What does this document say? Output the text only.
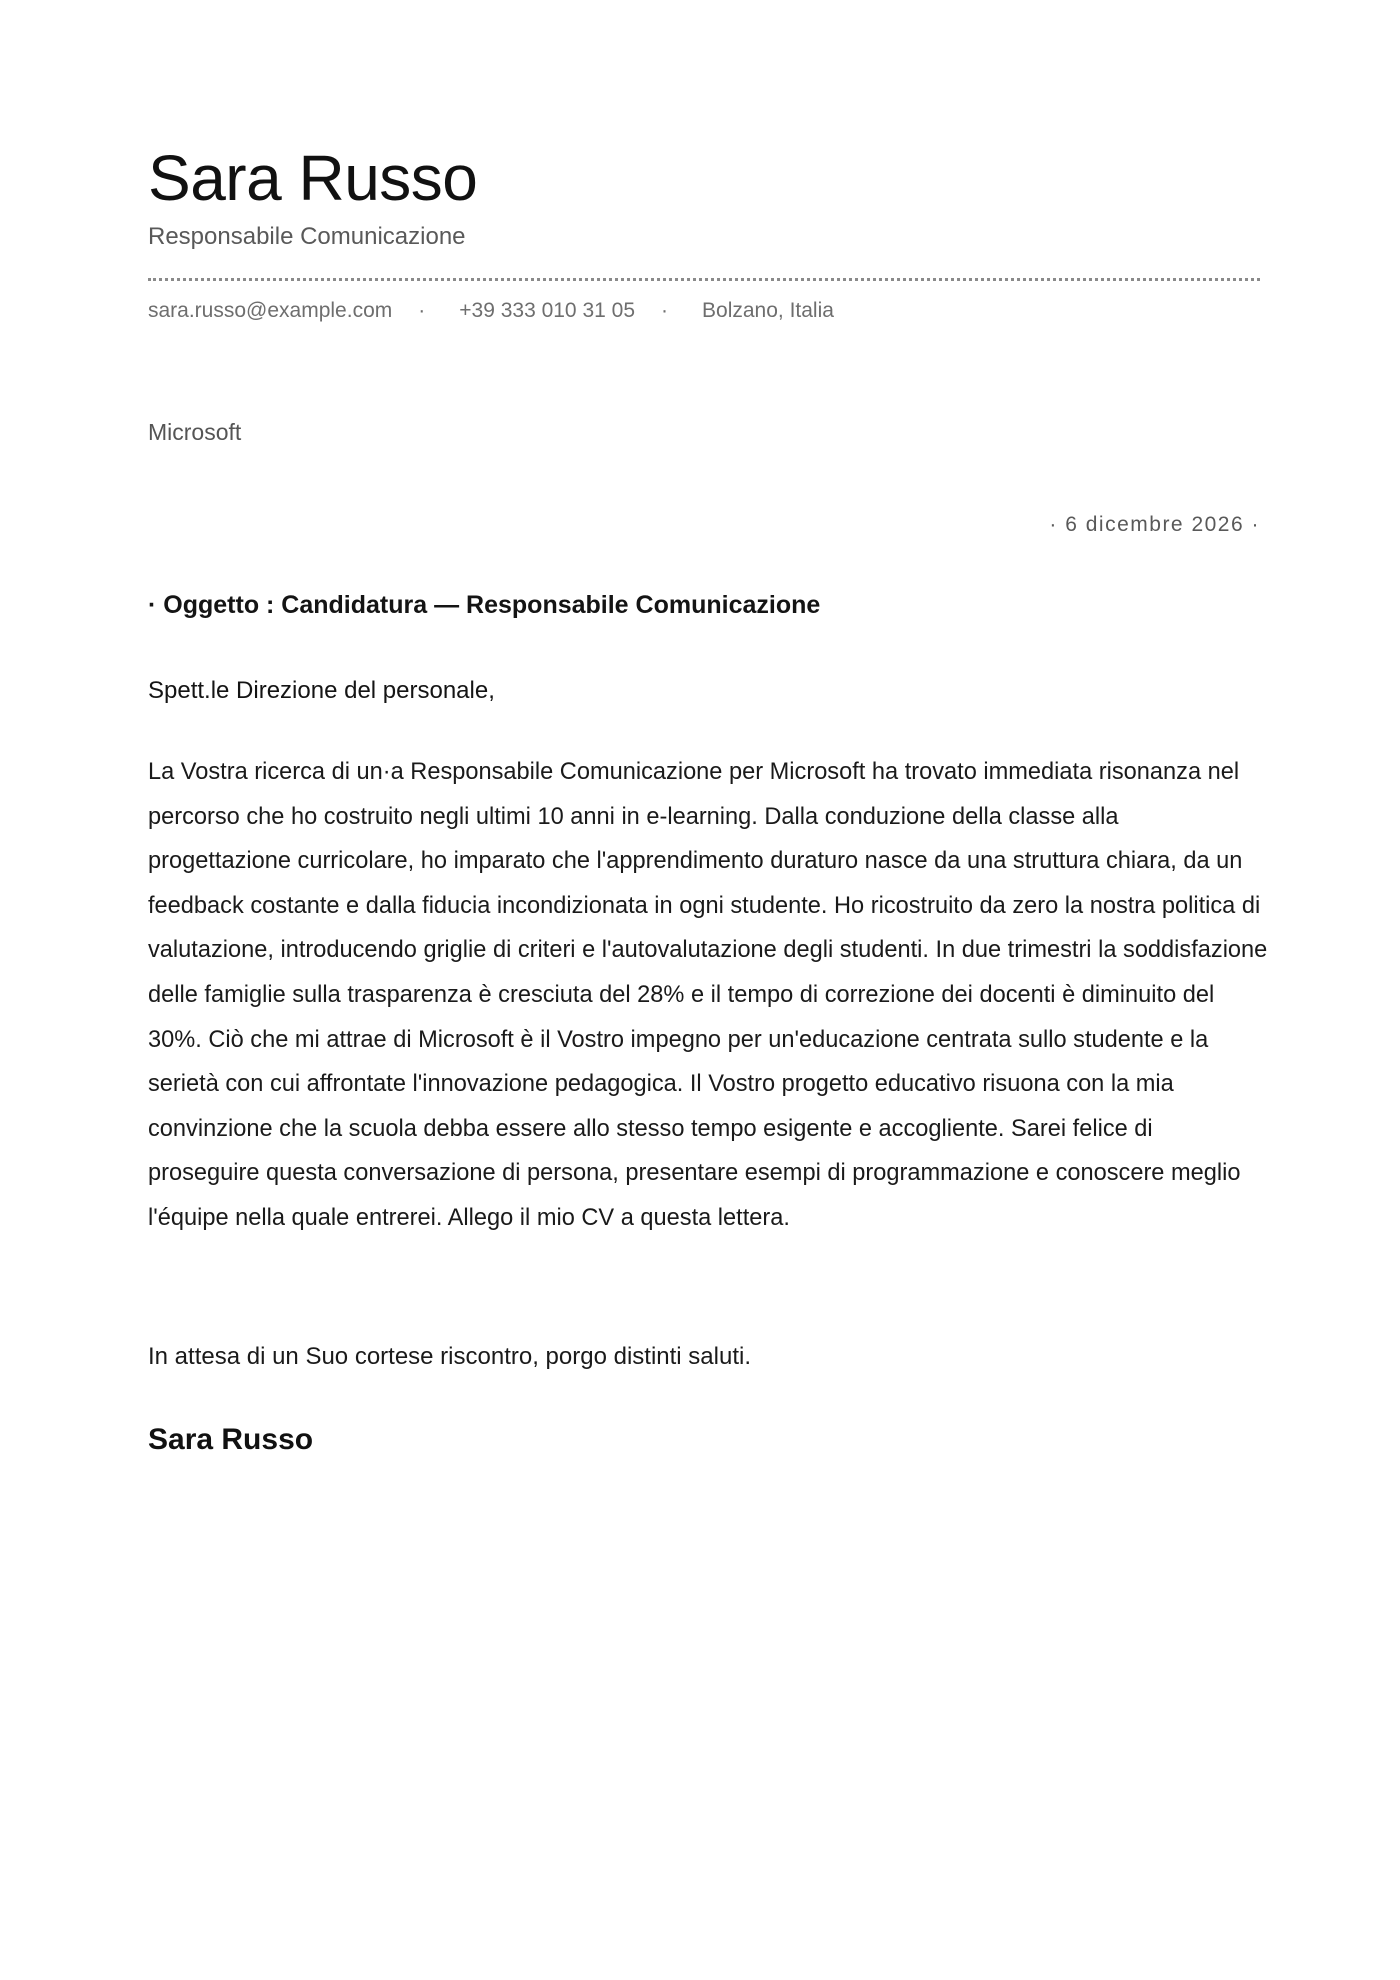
Sara Russo
Responsabile Comunicazione
sara.russo@example.com	·	+39 333 010 31 05	·	Bolzano, Italia
Microsoft
· 6 dicembre 2026 ·
· Oggetto : Candidatura — Responsabile Comunicazione
Spett.le Direzione del personale,

La Vostra ricerca di un·a Responsabile Comunicazione per Microsoft ha trovato immediata risonanza nel percorso che ho costruito negli ultimi 10 anni in e-learning. Dalla conduzione della classe alla progettazione curricolare, ho imparato che l'apprendimento duraturo nasce da una struttura chiara, da un feedback costante e dalla fiducia incondizionata in ogni studente. Ho ricostruito da zero la nostra politica di valutazione, introducendo griglie di criteri e l'autovalutazione degli studenti. In due trimestri la soddisfazione delle famiglie sulla trasparenza è cresciuta del 28% e il tempo di correzione dei docenti è diminuito del 30%. Ciò che mi attrae di Microsoft è il Vostro impegno per un'educazione centrata sullo studente e la serietà con cui affrontate l'innovazione pedagogica. Il Vostro progetto educativo risuona con la mia convinzione che la scuola debba essere allo stesso tempo esigente e accogliente. Sarei felice di proseguire questa conversazione di persona, presentare esempi di programmazione e conoscere meglio l'équipe nella quale entrerei. Allego il mio CV a questa lettera.

In attesa di un Suo cortese riscontro, porgo distinti saluti.
Sara Russo
